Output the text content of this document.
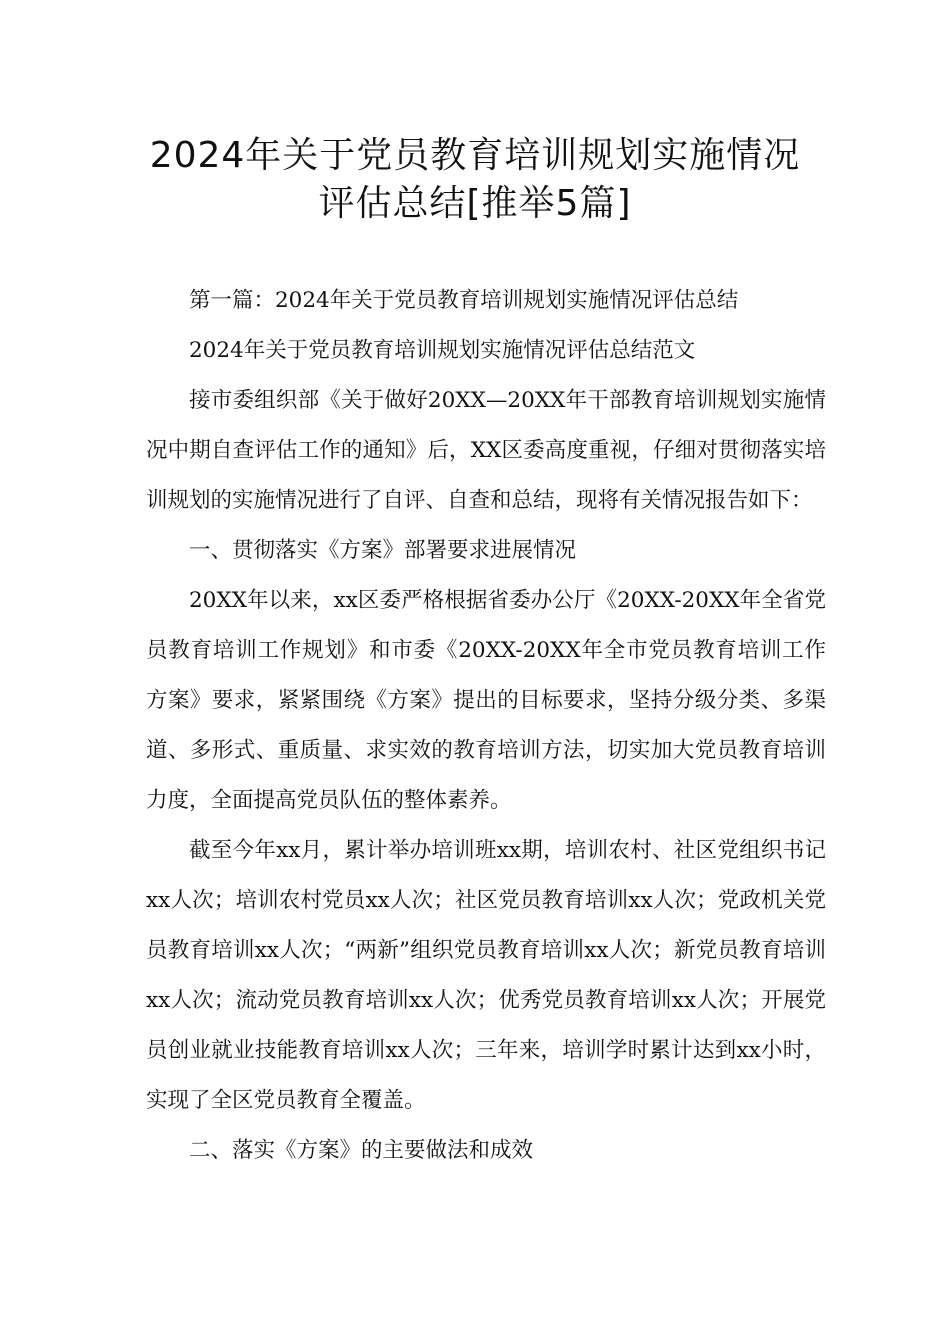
2024年关于党员教育培训规划实施情况
评估总结[推举5篇]

第一篇：2024年关于党员教育培训规划实施情况评估总结

2024年关于党员教育培训规划实施情况评估总结范文

接市委组织部《关于做好20XX—20XX年干部教育培训规划实施情况中期自查评估工作的通知》后，XX区委高度重视，仔细对贯彻落实培训规划的实施情况进行了自评、自查和总结，现将有关情况报告如下：

一、贯彻落实《方案》部署要求进展情况

20XX年以来，xx区委严格根据省委办公厅《20XX-20XX年全省党员教育培训工作规划》和市委《20XX-20XX年全市党员教育培训工作方案》要求，紧紧围绕《方案》提出的目标要求，坚持分级分类、多渠道、多形式、重质量、求实效的教育培训方法，切实加大党员教育培训力度，全面提高党员队伍的整体素养。

截至今年xx月，累计举办培训班xx期，培训农村、社区党组织书记xx人次；培训农村党员xx人次；社区党员教育培训xx人次；党政机关党员教育培训xx人次；“两新”组织党员教育培训xx人次；新党员教育培训xx人次；流动党员教育培训xx人次；优秀党员教育培训xx人次；开展党员创业就业技能教育培训xx人次；三年来，培训学时累计达到xx小时，实现了全区党员教育全覆盖。

二、落实《方案》的主要做法和成效
